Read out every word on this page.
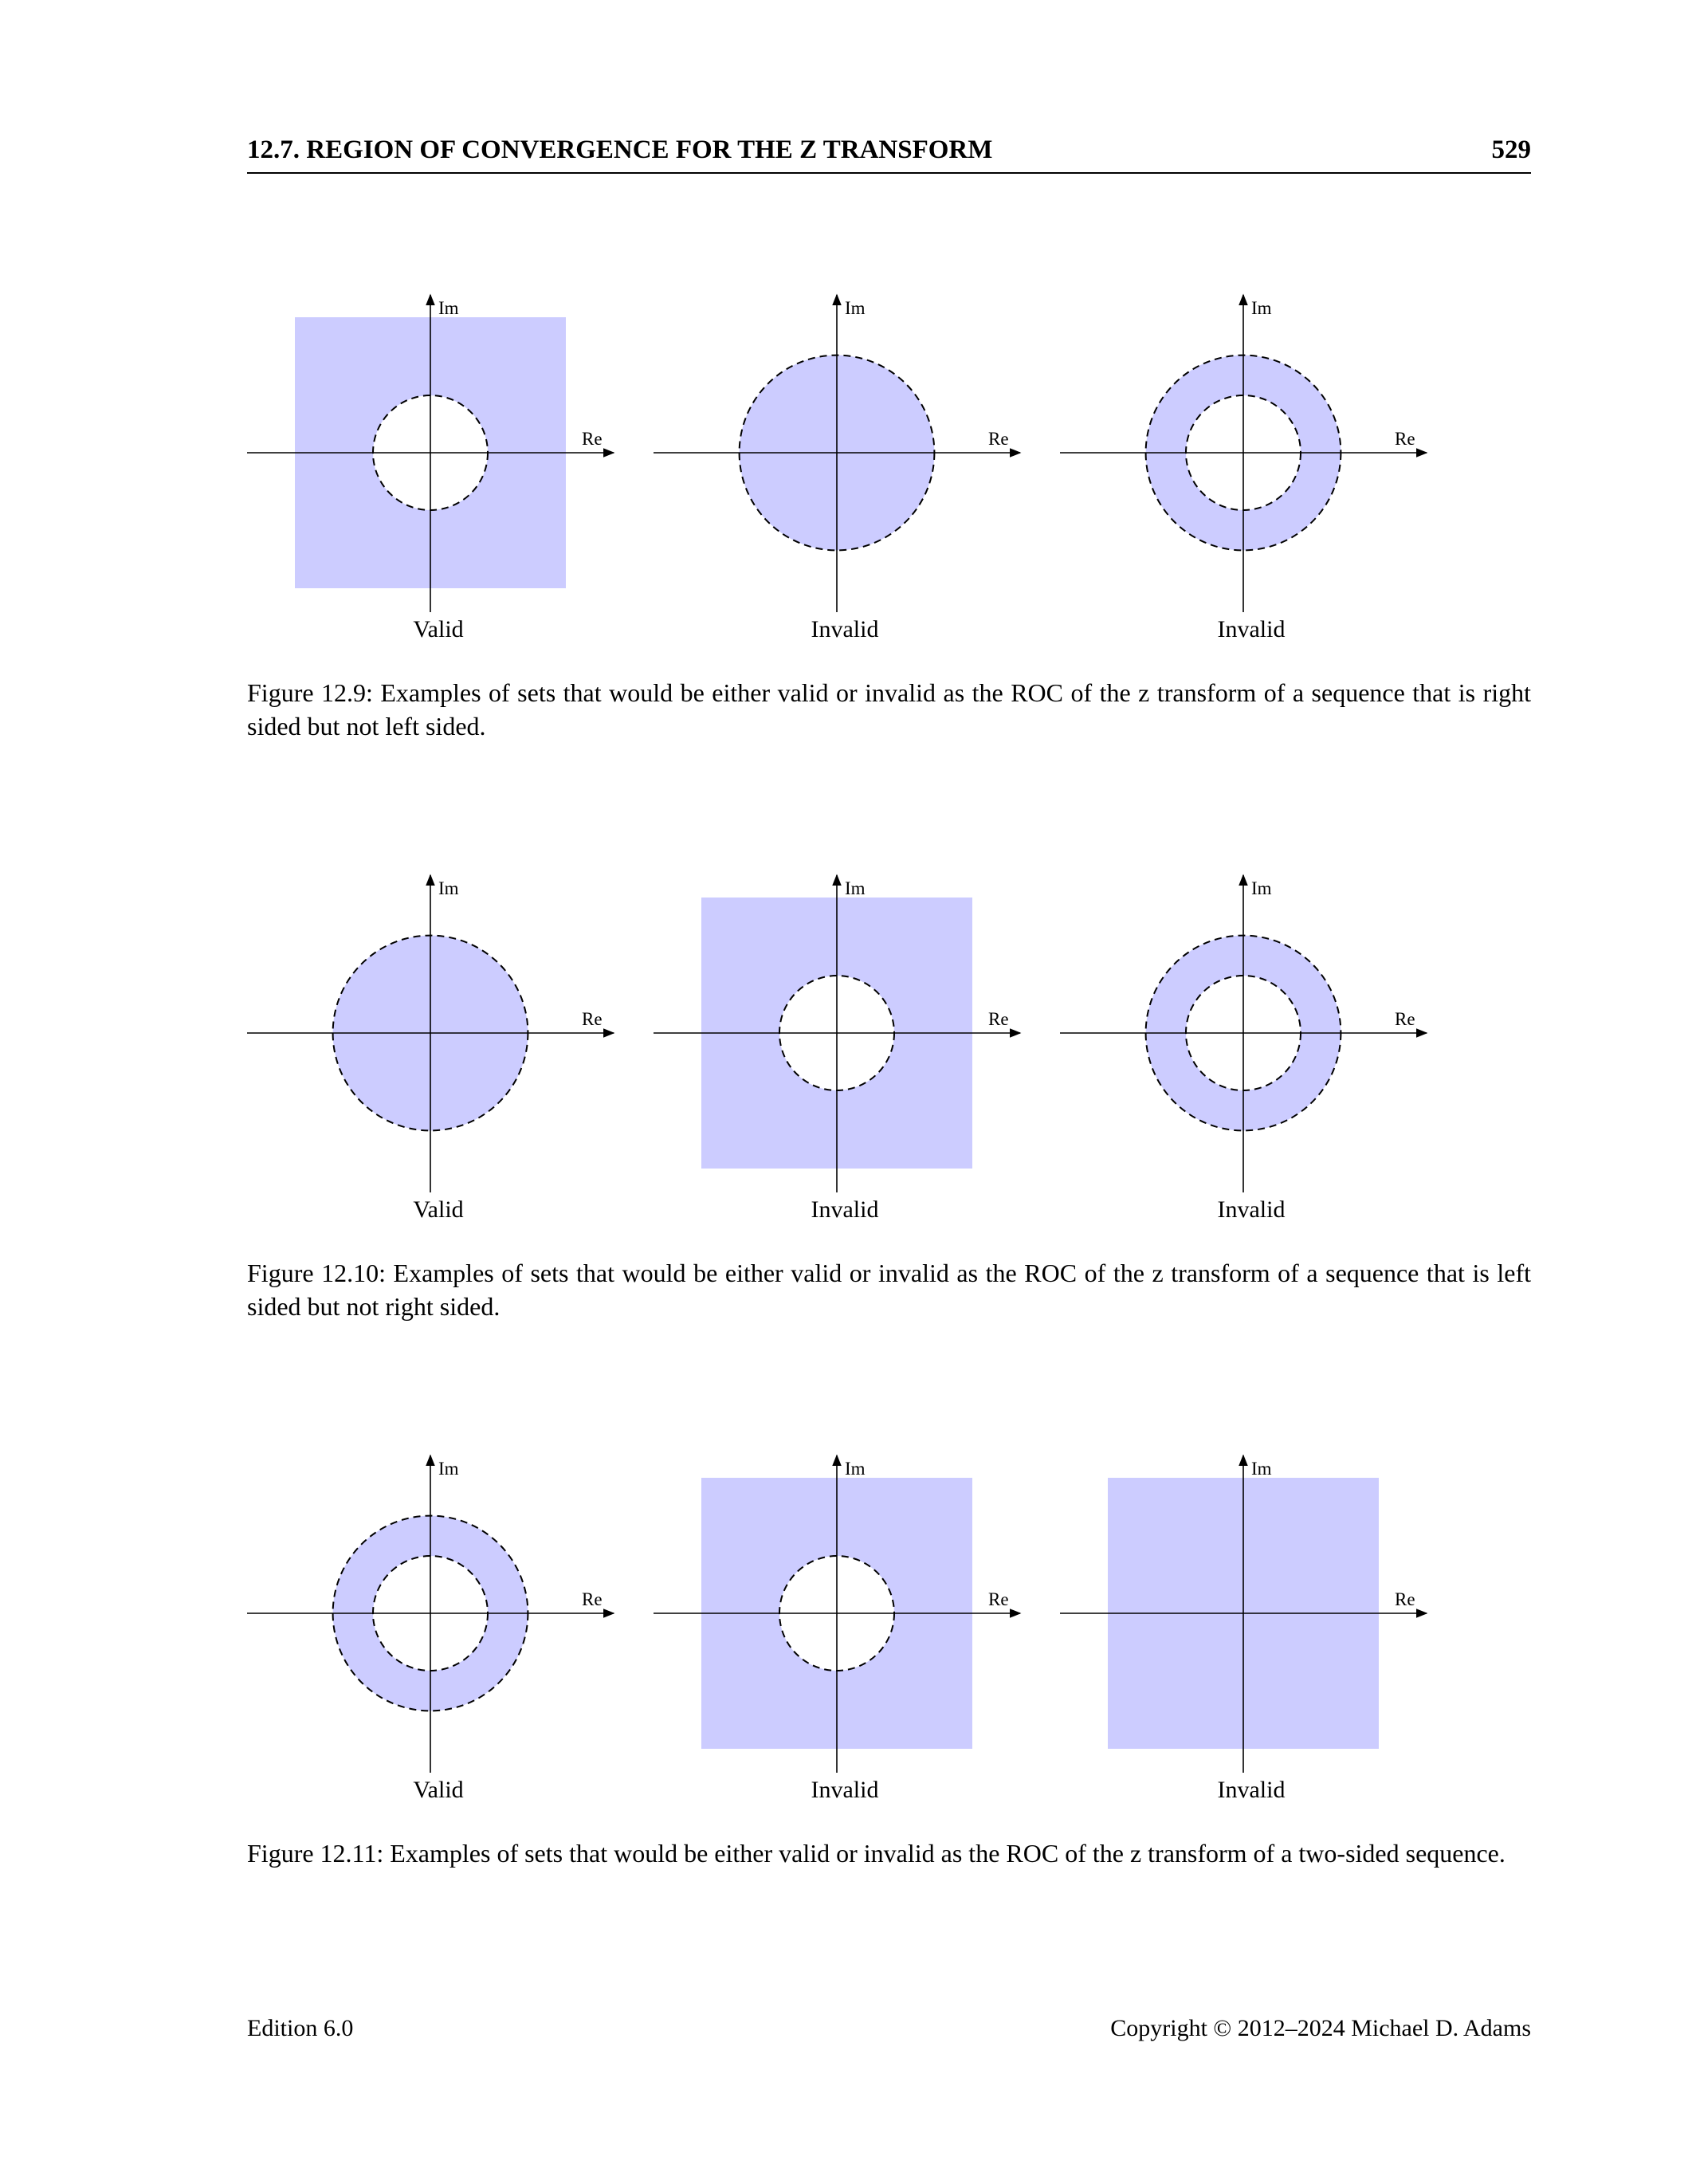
12.7. REGION OF CONVERGENCE FOR THE Z TRANSFORM	529
Re
Im
Valid
Re
Im
Invalid
Re
Im
Invalid
Figure 12.9: Examples of sets that would be either valid or invalid as the ROC of the z transform of a sequence that is right sided but not left sided.
Re
Im
Valid
Re
Im
Invalid
Re
Im
Invalid
Figure 12.10: Examples of sets that would be either valid or invalid as the ROC of the z transform of a sequence that is left sided but not right sided.
Re
Im
Valid
Re
Im
Invalid
Re
Im
Invalid
Figure 12.11: Examples of sets that would be either valid or invalid as the ROC of the z transform of a two-sided sequence.
Edition 6.0	Copyright © 2012–2024 Michael D. Adams
